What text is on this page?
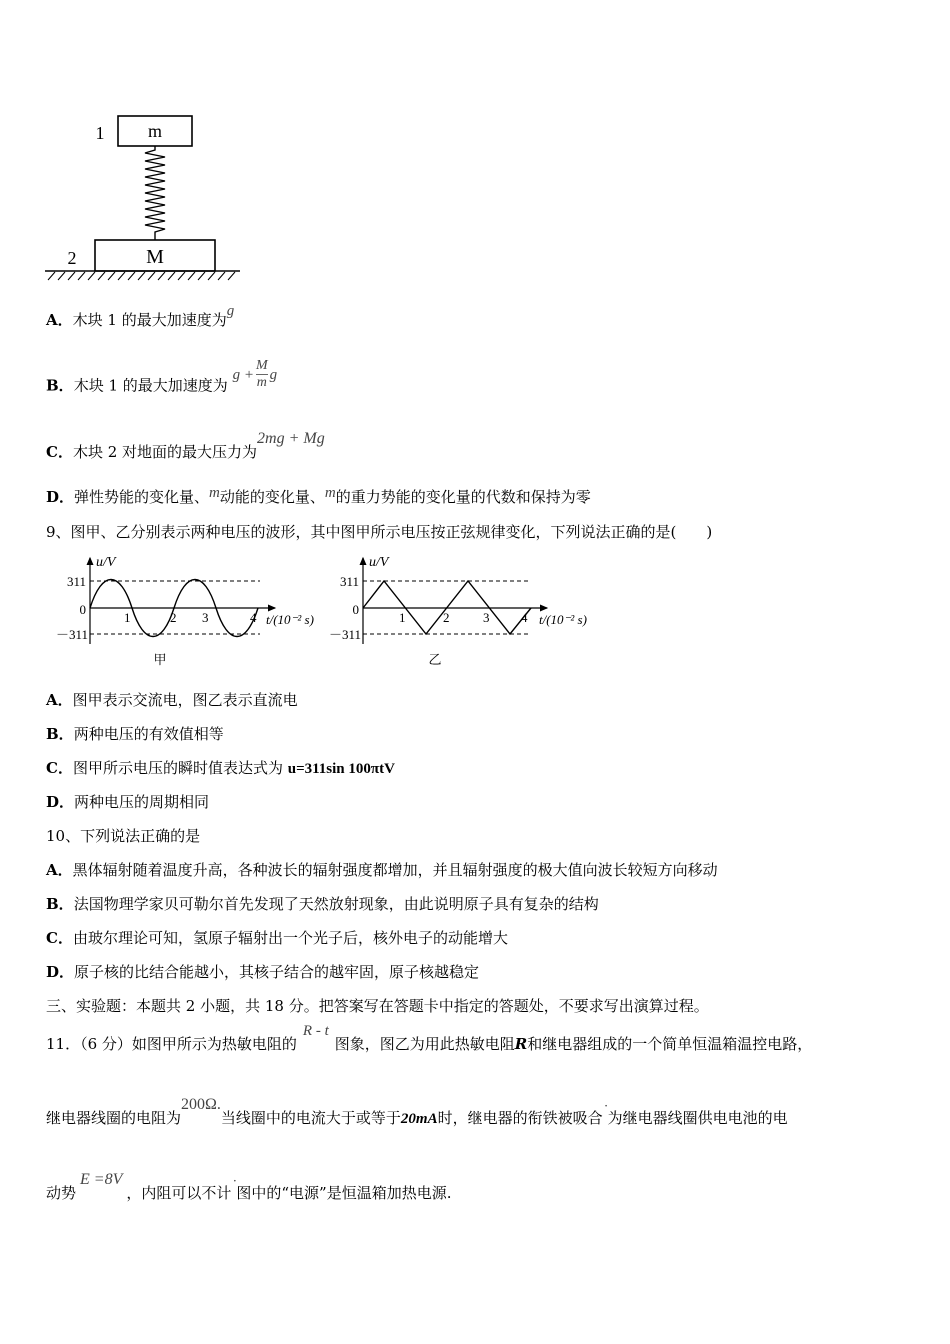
m
1
M
2
A．木块 1 的最大加速度为g
B．木块 1 的最大加速度为 $g + \frac{M}{m}$ g
C．木块 2 对地面的最大压力为2mg + Mg
D．弹性势能的变化量、m动能的变化量、m的重力势能的变化量的代数和保持为零
9、图甲、乙分别表示两种电压的波形，其中图甲所示电压按正弦规律变化，下列说法正确的是(　　)
u/V
311
－311
0
1	2 3	4 t/(10⁻² s)
甲
u/V
311
－311
0
1	2	3 4 t/(10⁻² s)
乙
A．图甲表示交流电，图乙表示直流电
B．两种电压的有效值相等
C．图甲所示电压的瞬时值表达式为 u=311sin 100πtV
D．两种电压的周期相同
10、下列说法正确的是
A．黑体辐射随着温度升高，各种波长的辐射强度都增加，并且辐射强度的极大值向波长较短方向移动
B．法国物理学家贝可勒尔首先发现了天然放射现象，由此说明原子具有复杂的结构
C．由玻尔理论可知，氢原子辐射出一个光子后，核外电子的动能增大
D．原子核的比结合能越小，其核子结合的越牢固，原子核越稳定
三、实验题：本题共 2 小题，共 18 分。把答案写在答题卡中指定的答题处，不要求写出演算过程。
11．（6 分）如图甲所示为热敏电阻的R - t图象，图乙为用此热敏电阻R和继电器组成的一个简单恒温箱温控电路，
继电器线圈的电阻为200Ω.当线圈中的电流大于或等于20mA时，继电器的衔铁被吸合˙为继电器线圈供电电池的电
动势E =8V，内阻可以不计˙图中的“电源”是恒温箱加热电源.
